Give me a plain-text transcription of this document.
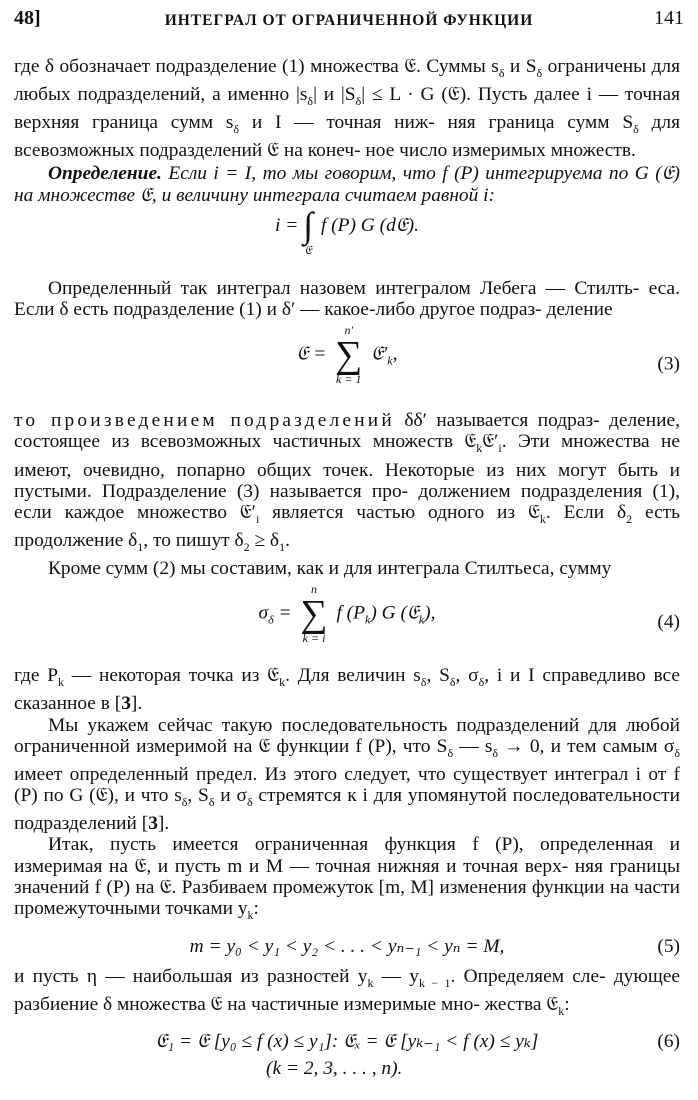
48]	ИНТЕГРАЛ ОТ ОГРАНИЧЕННОЙ ФУНКЦИИ	141

где δ обозначает подразделение (1) множества 𝔈. Суммы $s_\delta$ и $S_\delta$ ограничены для любых подразделений, а именно $|s_\delta|$ и $|S_\delta| \le L \cdot G$ (𝔈). Пусть далее i — точная верхняя граница сумм $s_\delta$ и I — точная ниж- няя граница сумм $S_\delta$ для всевозможных подразделений 𝔈 на конеч- ное число измеримых множеств.

Определение. Если i = I, то мы говорим, что f (P) интегрируема по G (𝔈) на множестве 𝔈, и величину интеграла считаем равной i:

i = ∫
𝔈
f (P) G (d𝔈).

Определенный так интеграл назовем интегралом Лебега — Стилть- еса. Если δ есть подразделение (1) и δ′ — какое-либо другое подраз- деление

𝔈 =
n′
∑
k = 1
$𝔈'_k$,	(3)

то произведением подразделений δδ′ называется подраз- деление, состоящее из всевозможных частичных множеств $𝔈_k𝔈'_i$. Эти множества не имеют, очевидно, попарно общих точек. Некоторые из них могут быть и пустыми. Подразделение (3) называется про- должением подразделения (1), если каждое множество $𝔈'_i$ является частью одного из 𝔈$_k$. Если $\delta_2$ есть продолжение $\delta_1$, то пишут $\delta_2 \ge \delta_1$.

Кроме сумм (2) мы составим, как и для интеграла Стилтьеса, сумму

$\sigma_\delta$ =
n
∑
k = i
f $(P_k)$ G (𝔈$_k$),	(4)

где $P_k$ — некоторая точка из 𝔈$_k$. Для величин $s_\delta$, $S_\delta$, $\sigma_\delta$, i и I справедливо все сказанное в [3].

Мы укажем сейчас такую последовательность подразделений для любой ограниченной измеримой на 𝔈 функции f (P), что $S_\delta$ — $s_\delta \to 0$, и тем самым $\sigma_\delta$ имеет определенный предел. Из этого следует, что существует интеграл i от f (P) по G (𝔈), и что $s_\delta$, $S_\delta$ и $\sigma_\delta$ стремятся к i для упомянутой последовательности подразделений [3].

Итак, пусть имеется ограниченная функция f (P), определенная и измеримая на 𝔈, и пусть m и M — точная нижняя и точная верх- няя границы значений f (P) на 𝔈. Разбиваем промежуток [m, M] изменения функции на части промежуточными точками $y_k$:

m = y₀ < y₁ < y₂ < . . . < yₙ₋₁ < yₙ = M,	(5)

и пусть η — наибольшая из разностей $y_k$ — $y_{k - 1}$. Определяем сле- дующее разбиение δ множества 𝔈 на частичные измеримые мно- жества 𝔈$_k$:

𝔈₁ = 𝔈 [y₀ ≤ f (x) ≤ y₁]: 𝔈ₓ = 𝔈 [yₖ₋₁ < f (x) ≤ yₖ]	(6)
(k = 2, 3, . . . , n).
